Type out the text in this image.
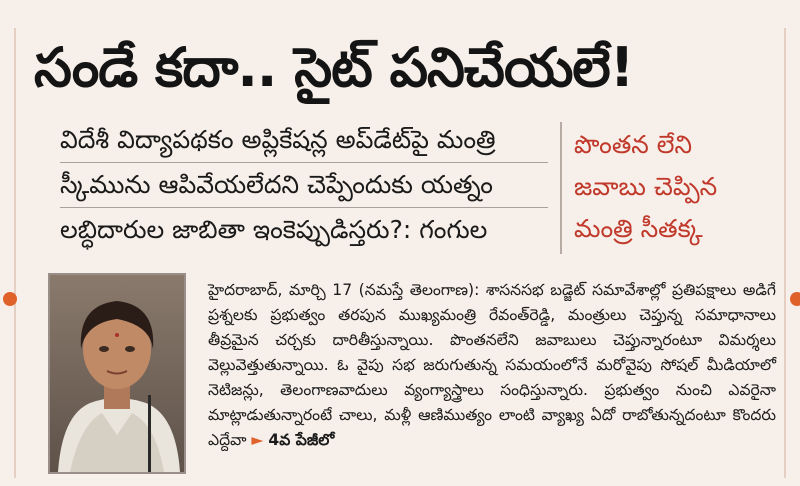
సండే కదా.. సైట్ పనిచేయలే!
విదేశీ విద్యాపథకం అప్లికేషన్ల అప్‌డేట్‌పై మంత్రి
స్కీమును ఆపివేయలేదని చెప్పేందుకు యత్నం
లబ్ధిదారుల జాబితా ఇంకెప్పుడిస్తరు?: గంగుల
పొంతన లేని
జవాబు చెప్పిన
మంత్రి సీతక్క

హైదరాబాద్, మార్చి 17 (నమస్తే తెలంగాణ): శాసనసభ బడ్జెట్ సమావేశాల్లో ప్రతిపక్షాలు అడిగే ప్రశ్నలకు ప్రభుత్వం తరపున ముఖ్యమంత్రి రేవంత్‌రెడ్డి, మంత్రులు చెప్తున్న సమాధానాలు తీవ్రమైన చర్చకు దారితీస్తున్నాయి. పొంతనలేని జవాబులు చెప్తున్నారంటూ విమర్శలు వెల్లువెత్తుతున్నాయి. ఓ వైపు సభ జరుగుతున్న సమయంలోనే మరోవైపు సోషల్ మీడియాలో నెటిజన్లు, తెలంగాణవాదులు వ్యంగ్యాస్త్రాలు సంధిస్తున్నారు. ప్రభుత్వం నుంచి ఎవరైనా మాట్లాడుతున్నారంటే చాలు, మళ్లీ ఆణిముత్యం లాంటి వ్యాఖ్య ఏదో రాబోతున్నదంటూ కొందరు ఎద్దేవా ► 4వ పేజీలో
